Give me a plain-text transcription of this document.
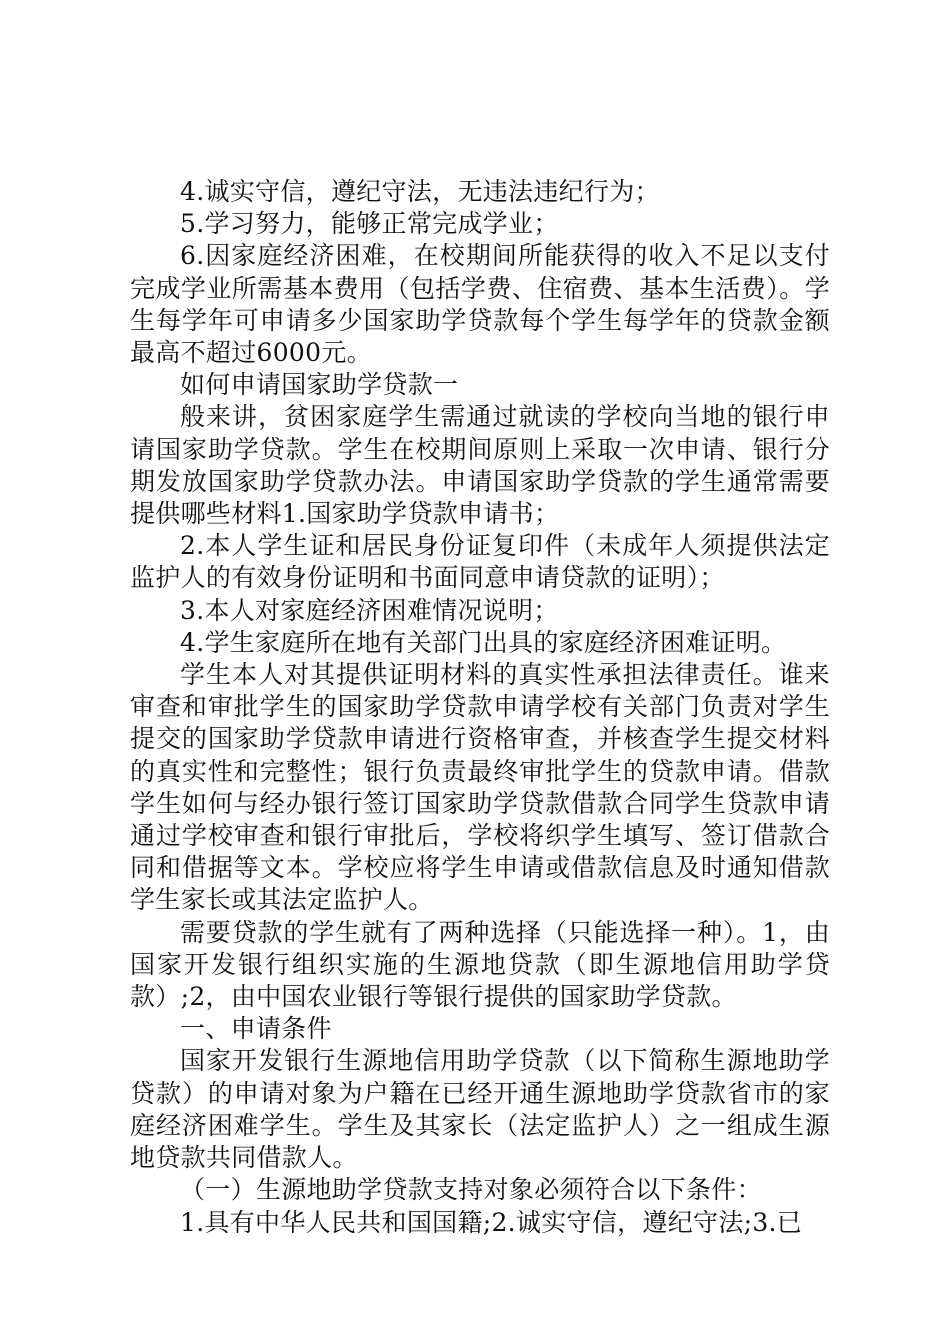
4.诚实守信，遵纪守法，无违法违纪行为；

5.学习努力，能够正常完成学业；

6.因家庭经济困难，在校期间所能获得的收入不足以支付完成学业所需基本费用（包括学费、住宿费、基本生活费）。学生每学年可申请多少国家助学贷款每个学生每学年的贷款金额最高不超过6000元。

如何申请国家助学贷款一

般来讲，贫困家庭学生需通过就读的学校向当地的银行申请国家助学贷款。学生在校期间原则上采取一次申请、银行分期发放国家助学贷款办法。申请国家助学贷款的学生通常需要提供哪些材料1.国家助学贷款申请书；

2.本人学生证和居民身份证复印件（未成年人须提供法定监护人的有效身份证明和书面同意申请贷款的证明）；

3.本人对家庭经济困难情况说明；

4.学生家庭所在地有关部门出具的家庭经济困难证明。

学生本人对其提供证明材料的真实性承担法律责任。谁来审查和审批学生的国家助学贷款申请学校有关部门负责对学生提交的国家助学贷款申请进行资格审查，并核查学生提交材料的真实性和完整性；银行负责最终审批学生的贷款申请。借款学生如何与经办银行签订国家助学贷款借款合同学生贷款申请通过学校审查和银行审批后，学校将织学生填写、签订借款合同和借据等文本。学校应将学生申请或借款信息及时通知借款学生家长或其法定监护人。

需要贷款的学生就有了两种选择（只能选择一种）。1，由国家开发银行组织实施的生源地贷款（即生源地信用助学贷款）;2，由中国农业银行等银行提供的国家助学贷款。

一、申请条件

国家开发银行生源地信用助学贷款（以下简称生源地助学贷款）的申请对象为户籍在已经开通生源地助学贷款省市的家庭经济困难学生。学生及其家长（法定监护人）之一组成生源地贷款共同借款人。

（一）生源地助学贷款支持对象必须符合以下条件：

1.具有中华人民共和国国籍;2.诚实守信，遵纪守法;3.已
